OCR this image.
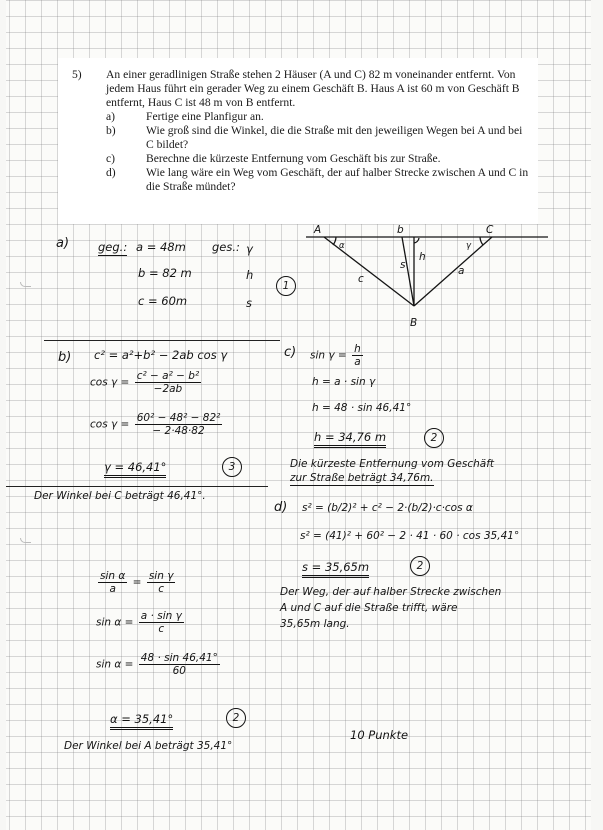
5) An einer geradlinigen Straße stehen 2 Häuser (A und C) 82 m voneinander entfernt. Von jedem Haus führt ein gerader Weg zu einem Geschäft B. Haus A ist 60 m von Geschäft B entfernt, Haus C ist 48 m von B entfernt.
a)	Fertige eine Planfigur an.
b)	Wie groß sind die Winkel, die die Straße mit den jeweiligen Wegen bei A und bei C bildet?
c)	Berechne die kürzeste Entfernung vom Geschäft bis zur Straße.
d)	Wie lang wäre ein Weg vom Geschäft, der auf halber Strecke zwischen A und C in die Straße mündet?
a)	geg.: a = 48m
b = 82 m
c = 60m
ges.: γ
h
s
1
A	b	C
B
α	γ
s
h
c
a
b) c² = a²+b² − 2ab cos γ
$\cos \gamma = \frac{\text{c² − a² − b²}}{-2ab}$
$\cos \gamma = \frac{\text{60² − 48² − 82²}}{- 2\cdot 48\cdot 82}$
γ = 46,41°	3
Der Winkel bei C beträgt 46,41°.
c) $\sin \gamma = \frac{h}{a}$
h = a · sin γ
h = 48 · sin 46,41°
h = 34,76 m	2
Die kürzeste Entfernung vom Geschäft
zur Straße beträgt 34,76m.
d) s² = (b/2)² + c² − 2·(b/2)·c·cos α
s² = (41)² + 60² − 2 · 41 · 60 · cos 35,41°
s = 35,65m	2
Der Weg, der auf halber Strecke zwischen
A und C auf die Straße trifft, wäre
35,65m lang.
$\frac{\text{sin α}}{a} = \frac{\text{sin γ}}{c}$
$\sin \alpha = \frac{\text{a · sin γ}}{c}$
$\sin \alpha = \frac{48 \cdot \sin 46,41^\circ}{60}$
α = 35,41°	2
Der Winkel bei A beträgt 35,41°
10 Punkte
